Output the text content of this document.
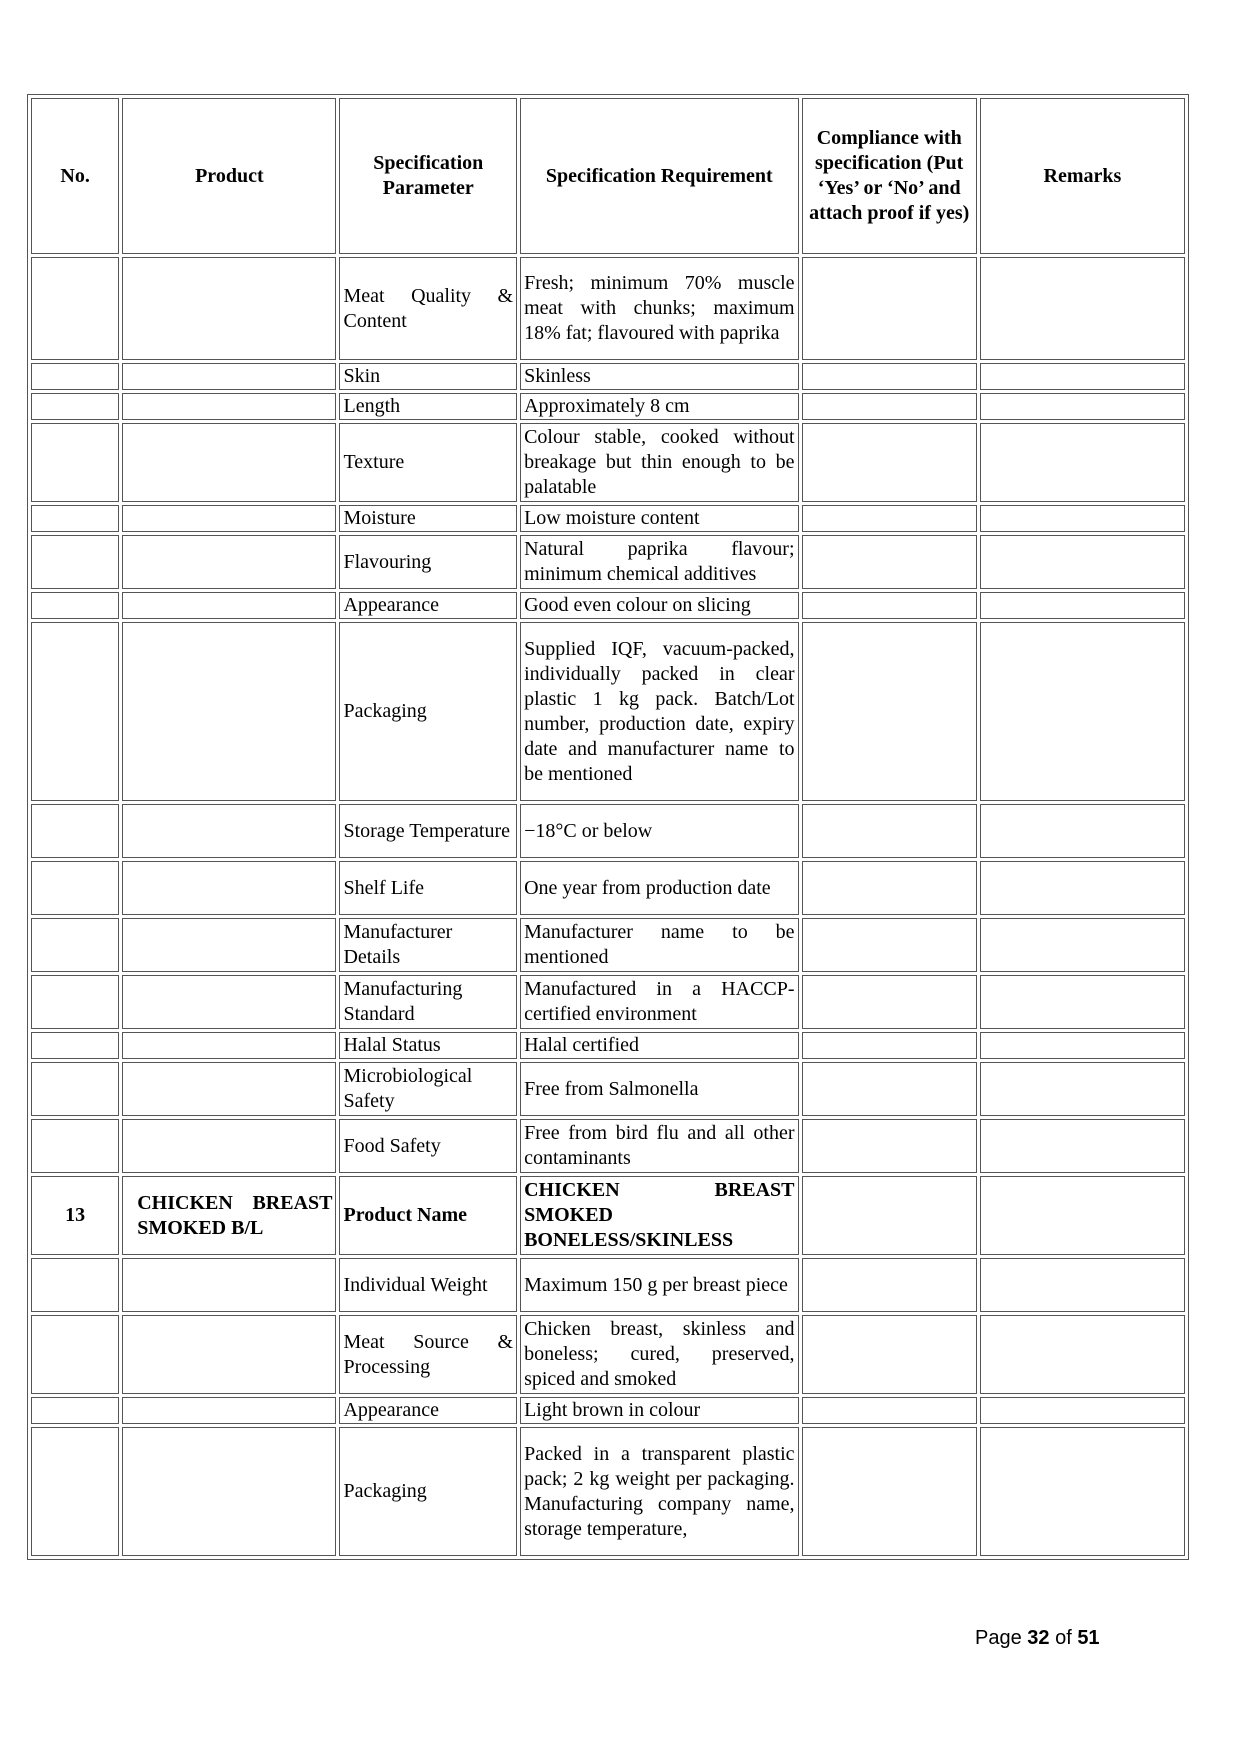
No.	Product	Specification Parameter	Specification Requirement	Compliance with specification (Put ‘Yes’ or ‘No’ and attach proof if yes)	Remarks
		Meat Quality & Content	Fresh; minimum 70% muscle meat with chunks; maximum 18% fat; flavoured with paprika		
		Skin	Skinless		
		Length	Approximately 8 cm		
		Texture	Colour stable, cooked without breakage but thin enough to be palatable		
		Moisture	Low moisture content		
		Flavouring	Natural paprika flavour; minimum chemical additives		
		Appearance	Good even colour on slicing		
		Packaging	Supplied IQF, vacuum-packed, individually packed in clear plastic 1 kg pack. Batch/Lot number, production date, expiry date and manufacturer name to be mentioned		
		Storage Temperature	−18°C or below		
		Shelf Life	One year from production date		
		Manufacturer Details	Manufacturer name to be mentioned		
		Manufacturing Standard	Manufactured in a HACCP-certified environment		
		Halal Status	Halal certified		
		Microbiological Safety	Free from Salmonella		
		Food Safety	Free from bird flu and all other contaminants		
13	CHICKEN BREAST SMOKED B/L	Product Name	CHICKEN BREAST SMOKED BONELESS/SKINLESS		
		Individual Weight	Maximum 150 g per breast piece		
		Meat Source & Processing	Chicken breast, skinless and boneless; cured, preserved, spiced and smoked		
		Appearance	Light brown in colour		
		Packaging	Packed in a transparent plastic pack; 2 kg weight per packaging. Manufacturing company name, storage temperature,		
Page 32 of 51
